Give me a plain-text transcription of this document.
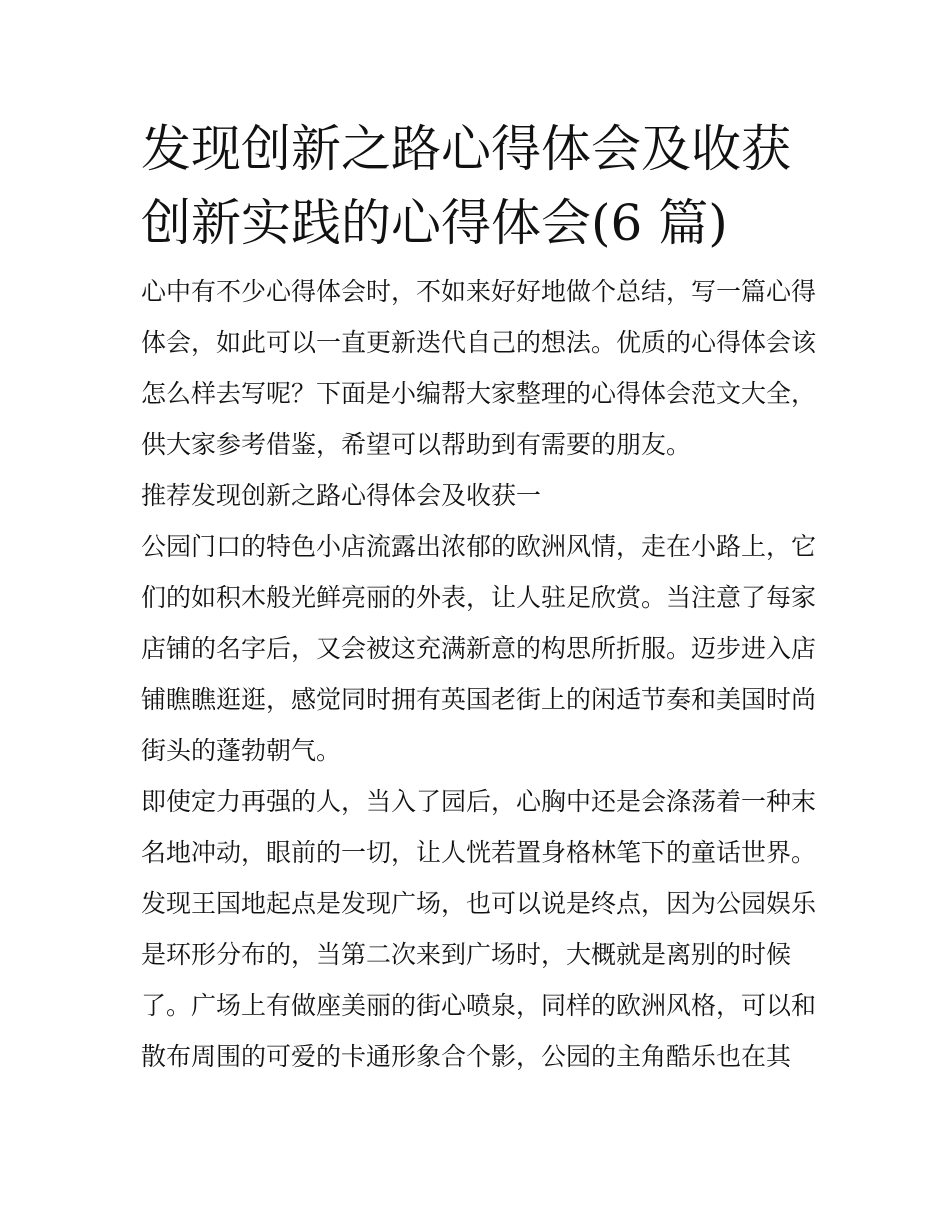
发现创新之路心得体会及收获
创新实践的心得体会(6 篇)

心中有不少心得体会时，不如来好好地做个总结，写一篇心得
体会，如此可以一直更新迭代自己的想法。优质的心得体会该
怎么样去写呢？下面是小编帮大家整理的心得体会范文大全，
供大家参考借鉴，希望可以帮助到有需要的朋友。

推荐发现创新之路心得体会及收获一

公园门口的特色小店流露出浓郁的欧洲风情，走在小路上，它
们的如积木般光鲜亮丽的外表，让人驻足欣赏。当注意了每家
店铺的名字后，又会被这充满新意的构思所折服。迈步进入店
铺瞧瞧逛逛，感觉同时拥有英国老街上的闲适节奏和美国时尚
街头的蓬勃朝气。

即使定力再强的人，当入了园后，心胸中还是会涤荡着一种末
名地冲动，眼前的一切，让人恍若置身格林笔下的童话世界。
发现王国地起点是发现广场，也可以说是终点，因为公园娱乐
是环形分布的，当第二次来到广场时，大概就是离别的时候
了。广场上有做座美丽的街心喷泉，同样的欧洲风格，可以和
散布周围的可爱的卡通形象合个影，公园的主角酷乐也在其
